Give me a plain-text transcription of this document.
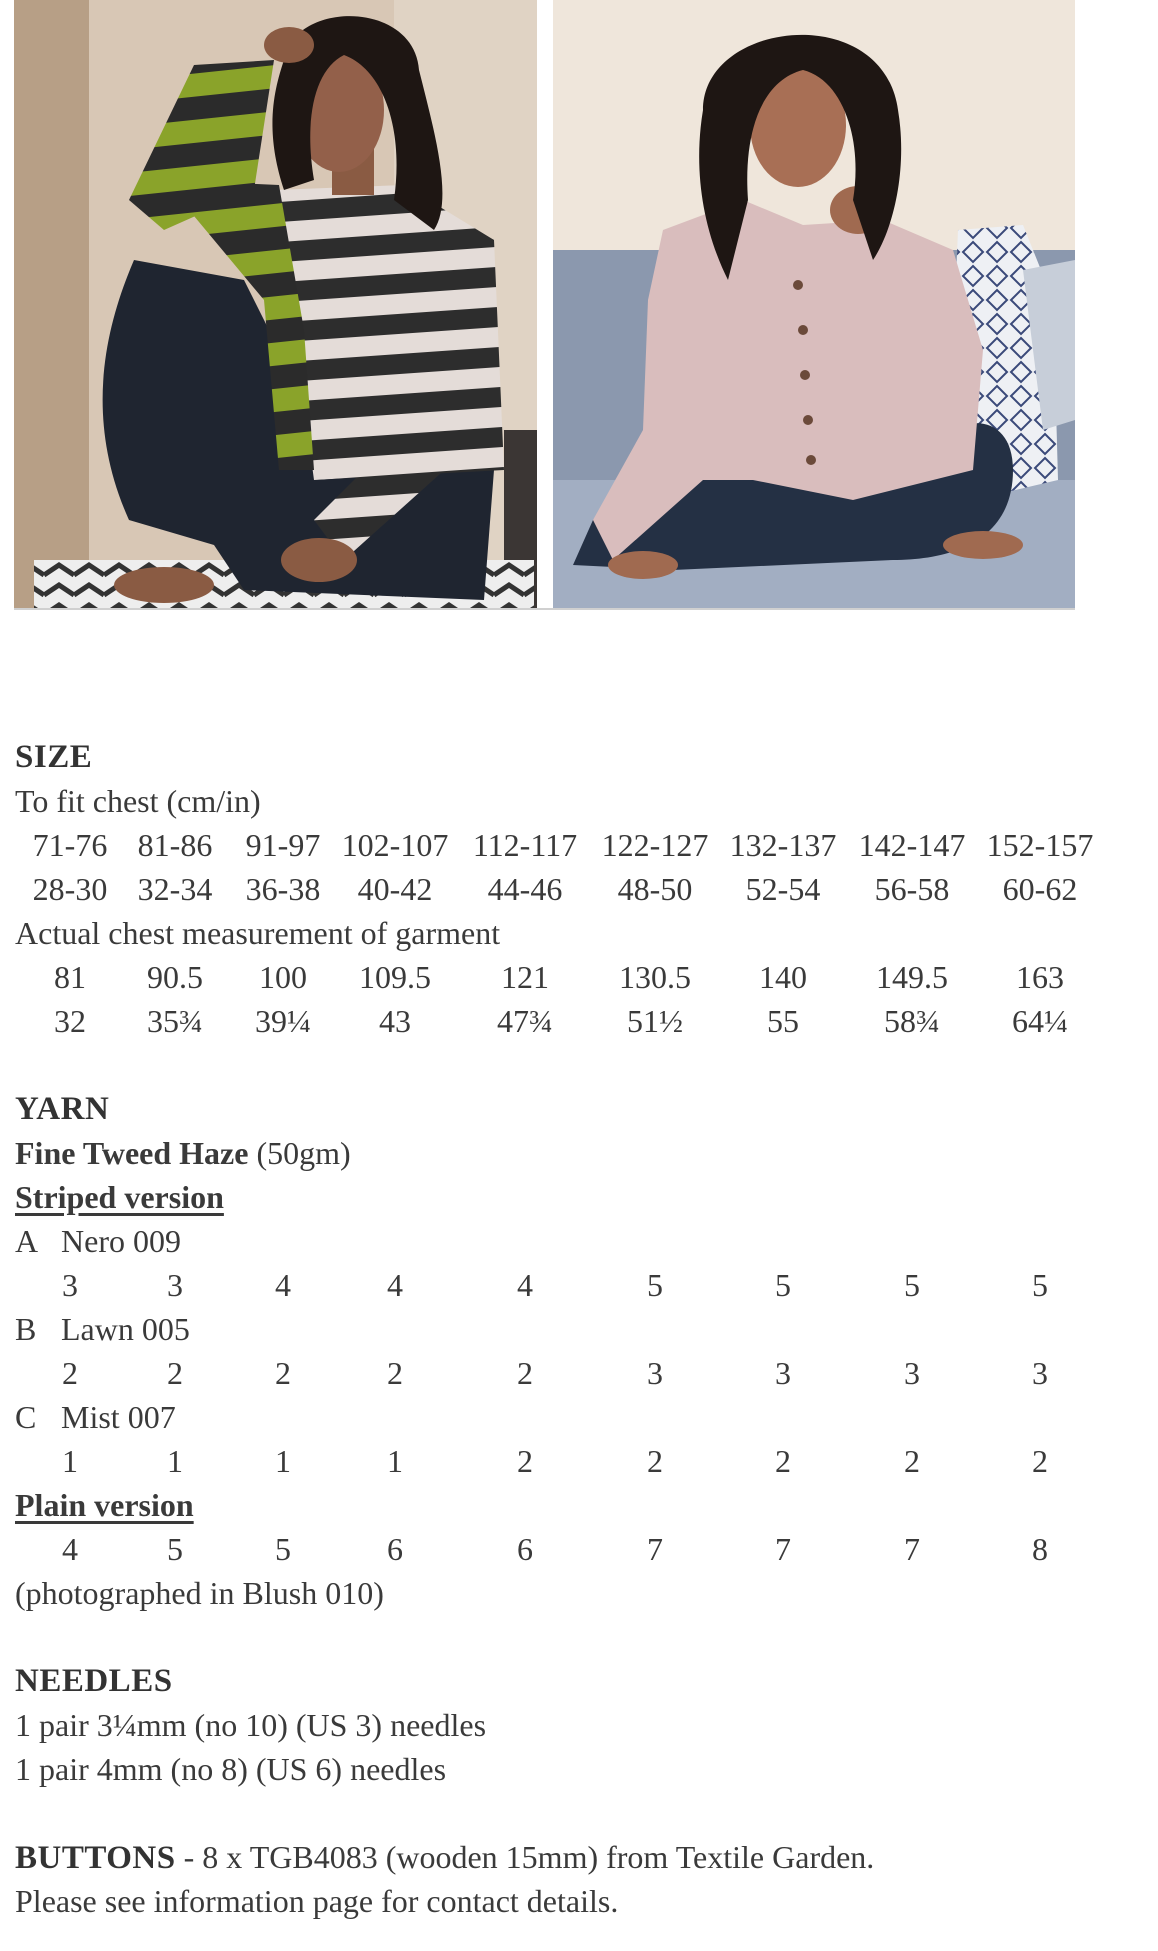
SIZE
To fit chest (cm/in)
71-76 81-86 91-97 102-107 112-117 122-127 132-137 142-147 152-157
28-30 32-34 36-38 40-42 44-46 48-50 52-54 56-58 60-62
Actual chest measurement of garment
81 90.5 100 109.5 121 130.5 140 149.5 163
32 35¾ 39¼ 43	47¾ 51½	55	58¾ 64¼
YARN
Fine Tweed Haze (50gm)
Striped version
A Nero 009
3	3	4	4	4	5	5	5	5
B Lawn 005
2	2	2	2	2	3	3	3	3
C Mist 007
1	1	1	1	2	2	2	2	2
Plain version
4	5	5	6	6	7	7	7	8
(photographed in Blush 010)
NEEDLES
1 pair 3¼mm (no 10) (US 3) needles
1 pair 4mm (no 8) (US 6) needles
BUTTONS - 8 x TGB4083 (wooden 15mm) from Textile Garden.
Please see information page for contact details.
